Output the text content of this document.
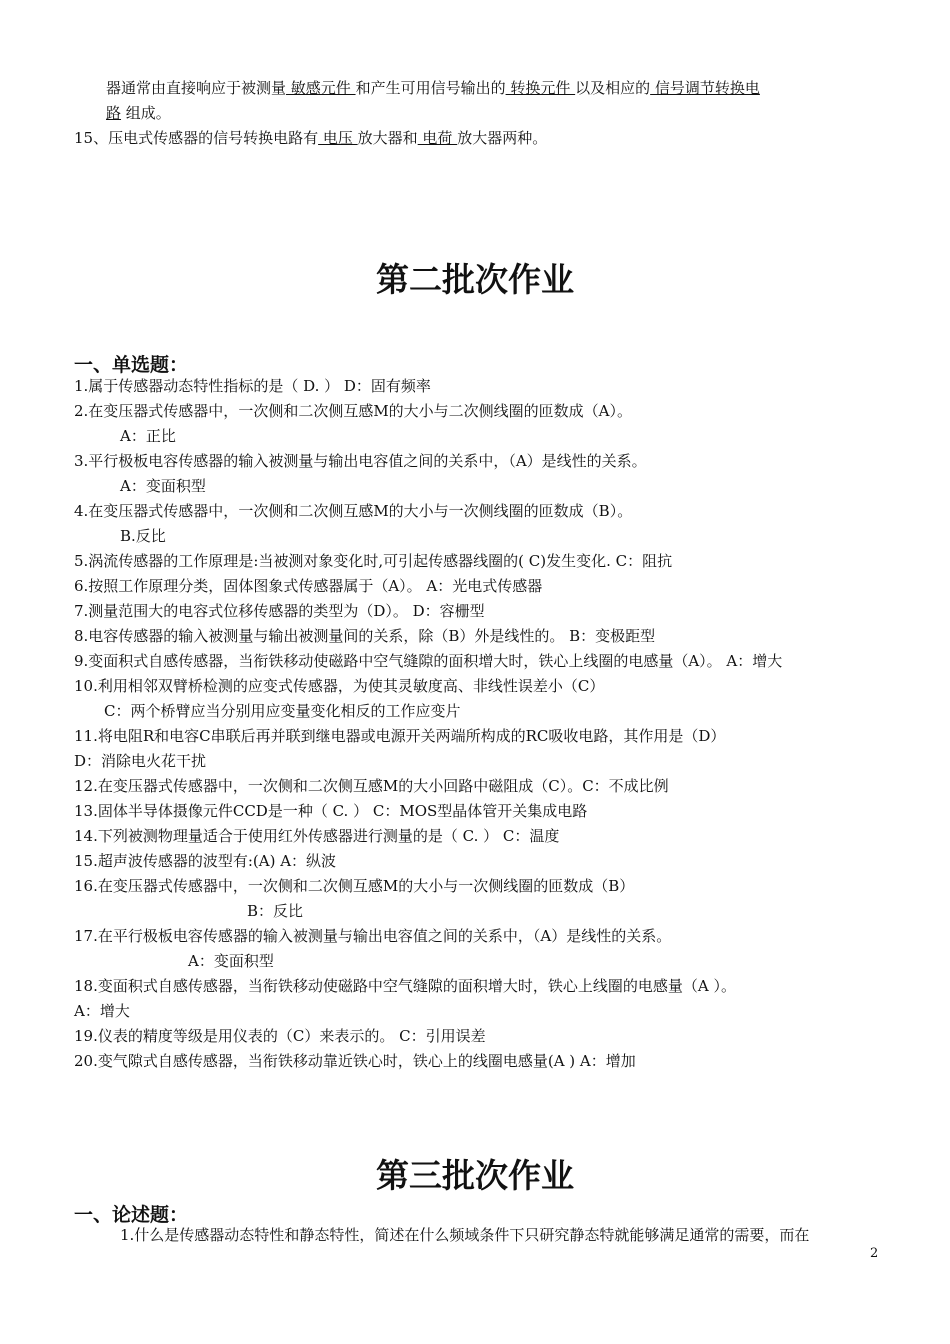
器通常由直接响应于被测量 敏感元件 和产生可用信号输出的 转换元件 以及相应的 信号调节转换电
路 组成。
15、压电式传感器的信号转换电路有 电压 放大器和 电荷 放大器两种。
第二批次作业
一、单选题：
1.属于传感器动态特性指标的是（ D. ） D：固有频率
2.在变压器式传感器中，一次侧和二次侧互感M的大小与二次侧线圈的匝数成（A）。
A：正比
3.平行极板电容传感器的输入被测量与输出电容值之间的关系中，（A）是线性的关系。
A：变面积型
4.在变压器式传感器中，一次侧和二次侧互感M的大小与一次侧线圈的匝数成（B）。
B.反比
5.涡流传感器的工作原理是:当被测对象变化时,可引起传感器线圈的( C)发生变化. C：阻抗
6.按照工作原理分类，固体图象式传感器属于（A）。 A：光电式传感器
7.测量范围大的电容式位移传感器的类型为（D）。 D：容栅型
8.电容传感器的输入被测量与输出被测量间的关系，除（B）外是线性的。 B：变极距型
9.变面积式自感传感器，当衔铁移动使磁路中空气缝隙的面积增大时，铁心上线圈的电感量（A）。 A：增大
10.利用相邻双臂桥检测的应变式传感器，为使其灵敏度高、非线性误差小（C）
C：两个桥臂应当分别用应变量变化相反的工作应变片
11.将电阻R和电容C串联后再并联到继电器或电源开关两端所构成的RC吸收电路，其作用是（D）
D：消除电火花干扰
12.在变压器式传感器中，一次侧和二次侧互感M的大小回路中磁阻成（C）。C：不成比例
13.固体半导体摄像元件CCD是一种（ C. ） C：MOS型晶体管开关集成电路
14.下列被测物理量适合于使用红外传感器进行测量的是（ C. ） C：温度
15.超声波传感器的波型有:(A) A：纵波
16.在变压器式传感器中，一次侧和二次侧互感M的大小与一次侧线圈的匝数成（B）
B：反比
17.在平行极板电容传感器的输入被测量与输出电容值之间的关系中，（A）是线性的关系。
A：变面积型
18.变面积式自感传感器，当衔铁移动使磁路中空气缝隙的面积增大时，铁心上线圈的电感量（A ）。
A：增大
19.仪表的精度等级是用仪表的（C）来表示的。 C：引用误差
20.变气隙式自感传感器，当衔铁移动靠近铁心时，铁心上的线圈电感量(A ) A：增加
第三批次作业
一、论述题：
1.什么是传感器动态特性和静态特性，简述在什么频域条件下只研究静态特就能够满足通常的需要，而在
2
